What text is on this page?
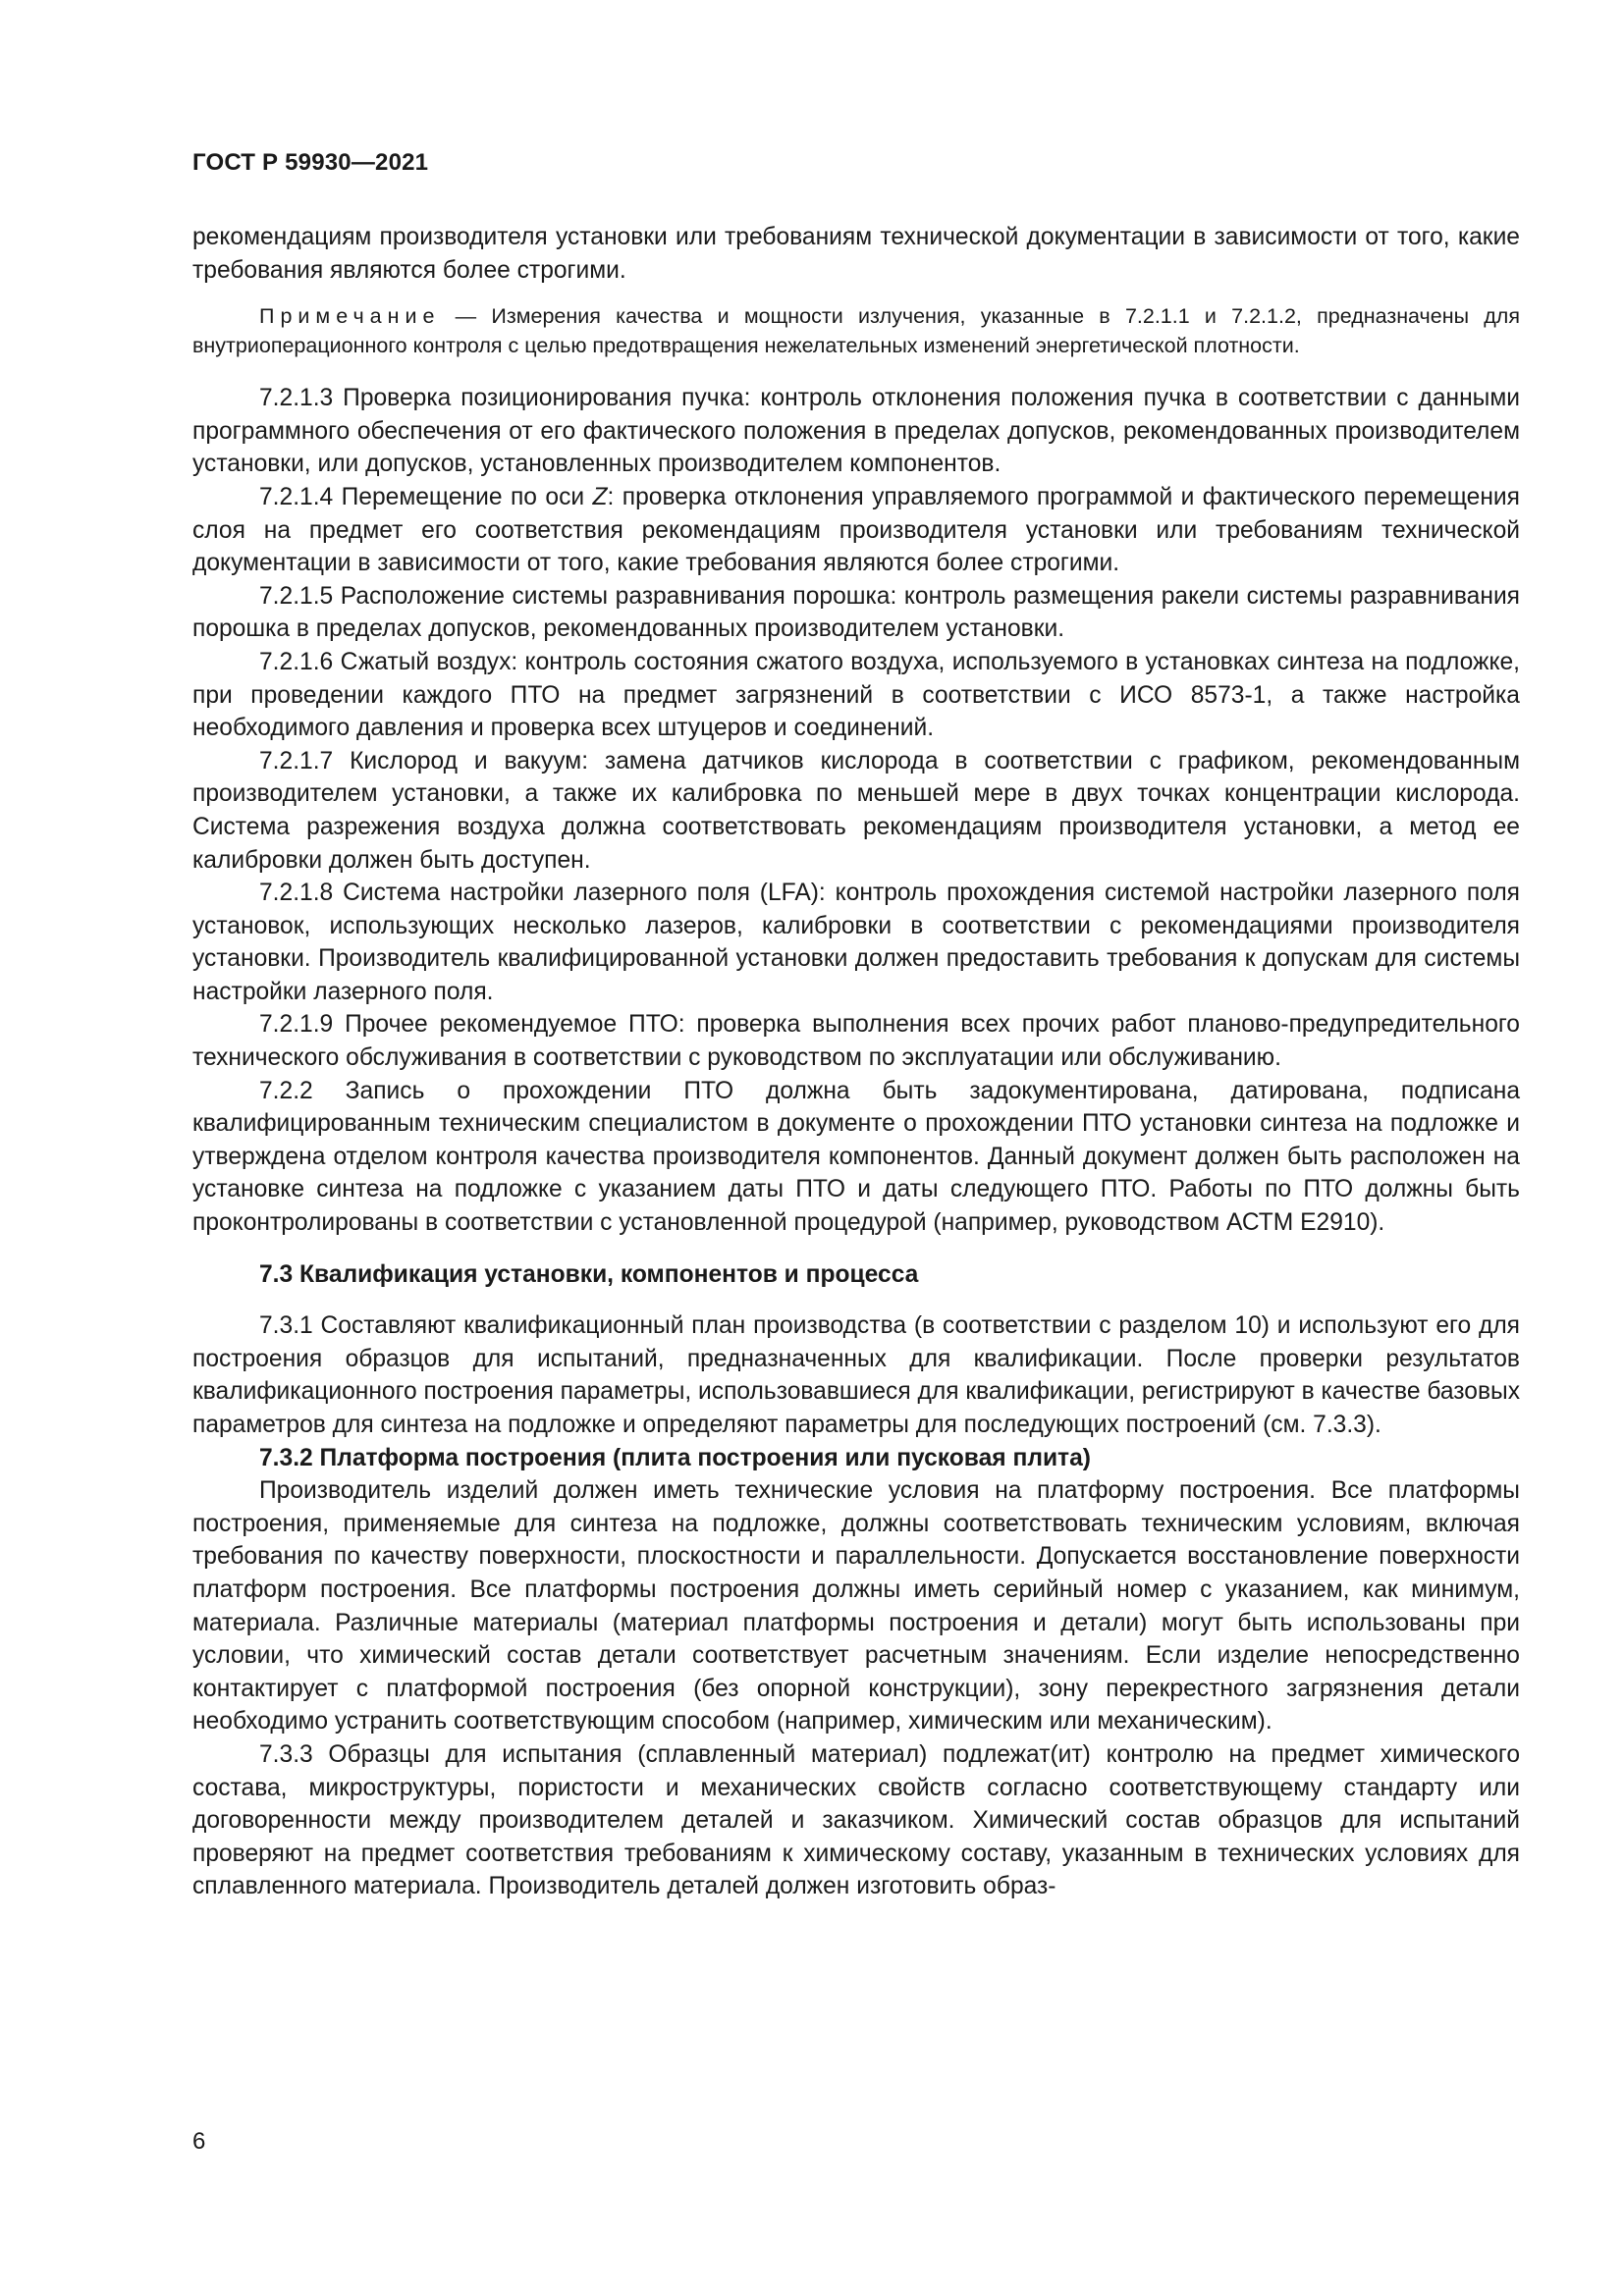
ГОСТ Р 59930—2021

рекомендациям производителя установки или требованиям технической документации в зависимости от того, какие требования являются более строгими.

Примечание — Измерения качества и мощности излучения, указанные в 7.2.1.1 и 7.2.1.2, предназначены для внутриоперационного контроля с целью предотвращения нежелательных изменений энергетической плотности.

7.2.1.3 Проверка позиционирования пучка: контроль отклонения положения пучка в соответствии с данными программного обеспечения от его фактического положения в пределах допусков, рекомендованных производителем установки, или допусков, установленных производителем компонентов.

7.2.1.4 Перемещение по оси Z: проверка отклонения управляемого программой и фактического перемещения слоя на предмет его соответствия рекомендациям производителя установки или требованиям технической документации в зависимости от того, какие требования являются более строгими.

7.2.1.5 Расположение системы разравнивания порошка: контроль размещения ракели системы разравнивания порошка в пределах допусков, рекомендованных производителем установки.

7.2.1.6 Сжатый воздух: контроль состояния сжатого воздуха, используемого в установках синтеза на подложке, при проведении каждого ПТО на предмет загрязнений в соответствии с ИСО 8573-1, а также настройка необходимого давления и проверка всех штуцеров и соединений.

7.2.1.7 Кислород и вакуум: замена датчиков кислорода в соответствии с графиком, рекомендованным производителем установки, а также их калибровка по меньшей мере в двух точках концентрации кислорода. Система разрежения воздуха должна соответствовать рекомендациям производителя установки, а метод ее калибровки должен быть доступен.

7.2.1.8 Система настройки лазерного поля (LFA): контроль прохождения системой настройки лазерного поля установок, использующих несколько лазеров, калибровки в соответствии с рекомендациями производителя установки. Производитель квалифицированной установки должен предоставить требования к допускам для системы настройки лазерного поля.

7.2.1.9 Прочее рекомендуемое ПТО: проверка выполнения всех прочих работ планово-предупредительного технического обслуживания в соответствии с руководством по эксплуатации или обслуживанию.

7.2.2 Запись о прохождении ПТО должна быть задокументирована, датирована, подписана квалифицированным техническим специалистом в документе о прохождении ПТО установки синтеза на подложке и утверждена отделом контроля качества производителя компонентов. Данный документ должен быть расположен на установке синтеза на подложке с указанием даты ПТО и даты следующего ПТО. Работы по ПТО должны быть проконтролированы в соответствии с установленной процедурой (например, руководством АСТМ E2910).

7.3 Квалификация установки, компонентов и процесса

7.3.1 Составляют квалификационный план производства (в соответствии с разделом 10) и используют его для построения образцов для испытаний, предназначенных для квалификации. После проверки результатов квалификационного построения параметры, использовавшиеся для квалификации, регистрируют в качестве базовых параметров для синтеза на подложке и определяют параметры для последующих построений (см. 7.3.3).

7.3.2 Платформа построения (плита построения или пусковая плита)

Производитель изделий должен иметь технические условия на платформу построения. Все платформы построения, применяемые для синтеза на подложке, должны соответствовать техническим условиям, включая требования по качеству поверхности, плоскостности и параллельности. Допускается восстановление поверхности платформ построения. Все платформы построения должны иметь серийный номер с указанием, как минимум, материала. Различные материалы (материал платформы построения и детали) могут быть использованы при условии, что химический состав детали соответствует расчетным значениям. Если изделие непосредственно контактирует с платформой построения (без опорной конструкции), зону перекрестного загрязнения детали необходимо устранить соответствующим способом (например, химическим или механическим).

7.3.3 Образцы для испытания (сплавленный материал) подлежат(ит) контролю на предмет химического состава, микроструктуры, пористости и механических свойств согласно соответствующему стандарту или договоренности между производителем деталей и заказчиком. Химический состав образцов для испытаний проверяют на предмет соответствия требованиям к химическому составу, указанным в технических условиях для сплавленного материала. Производитель деталей должен изготовить образ-

6
